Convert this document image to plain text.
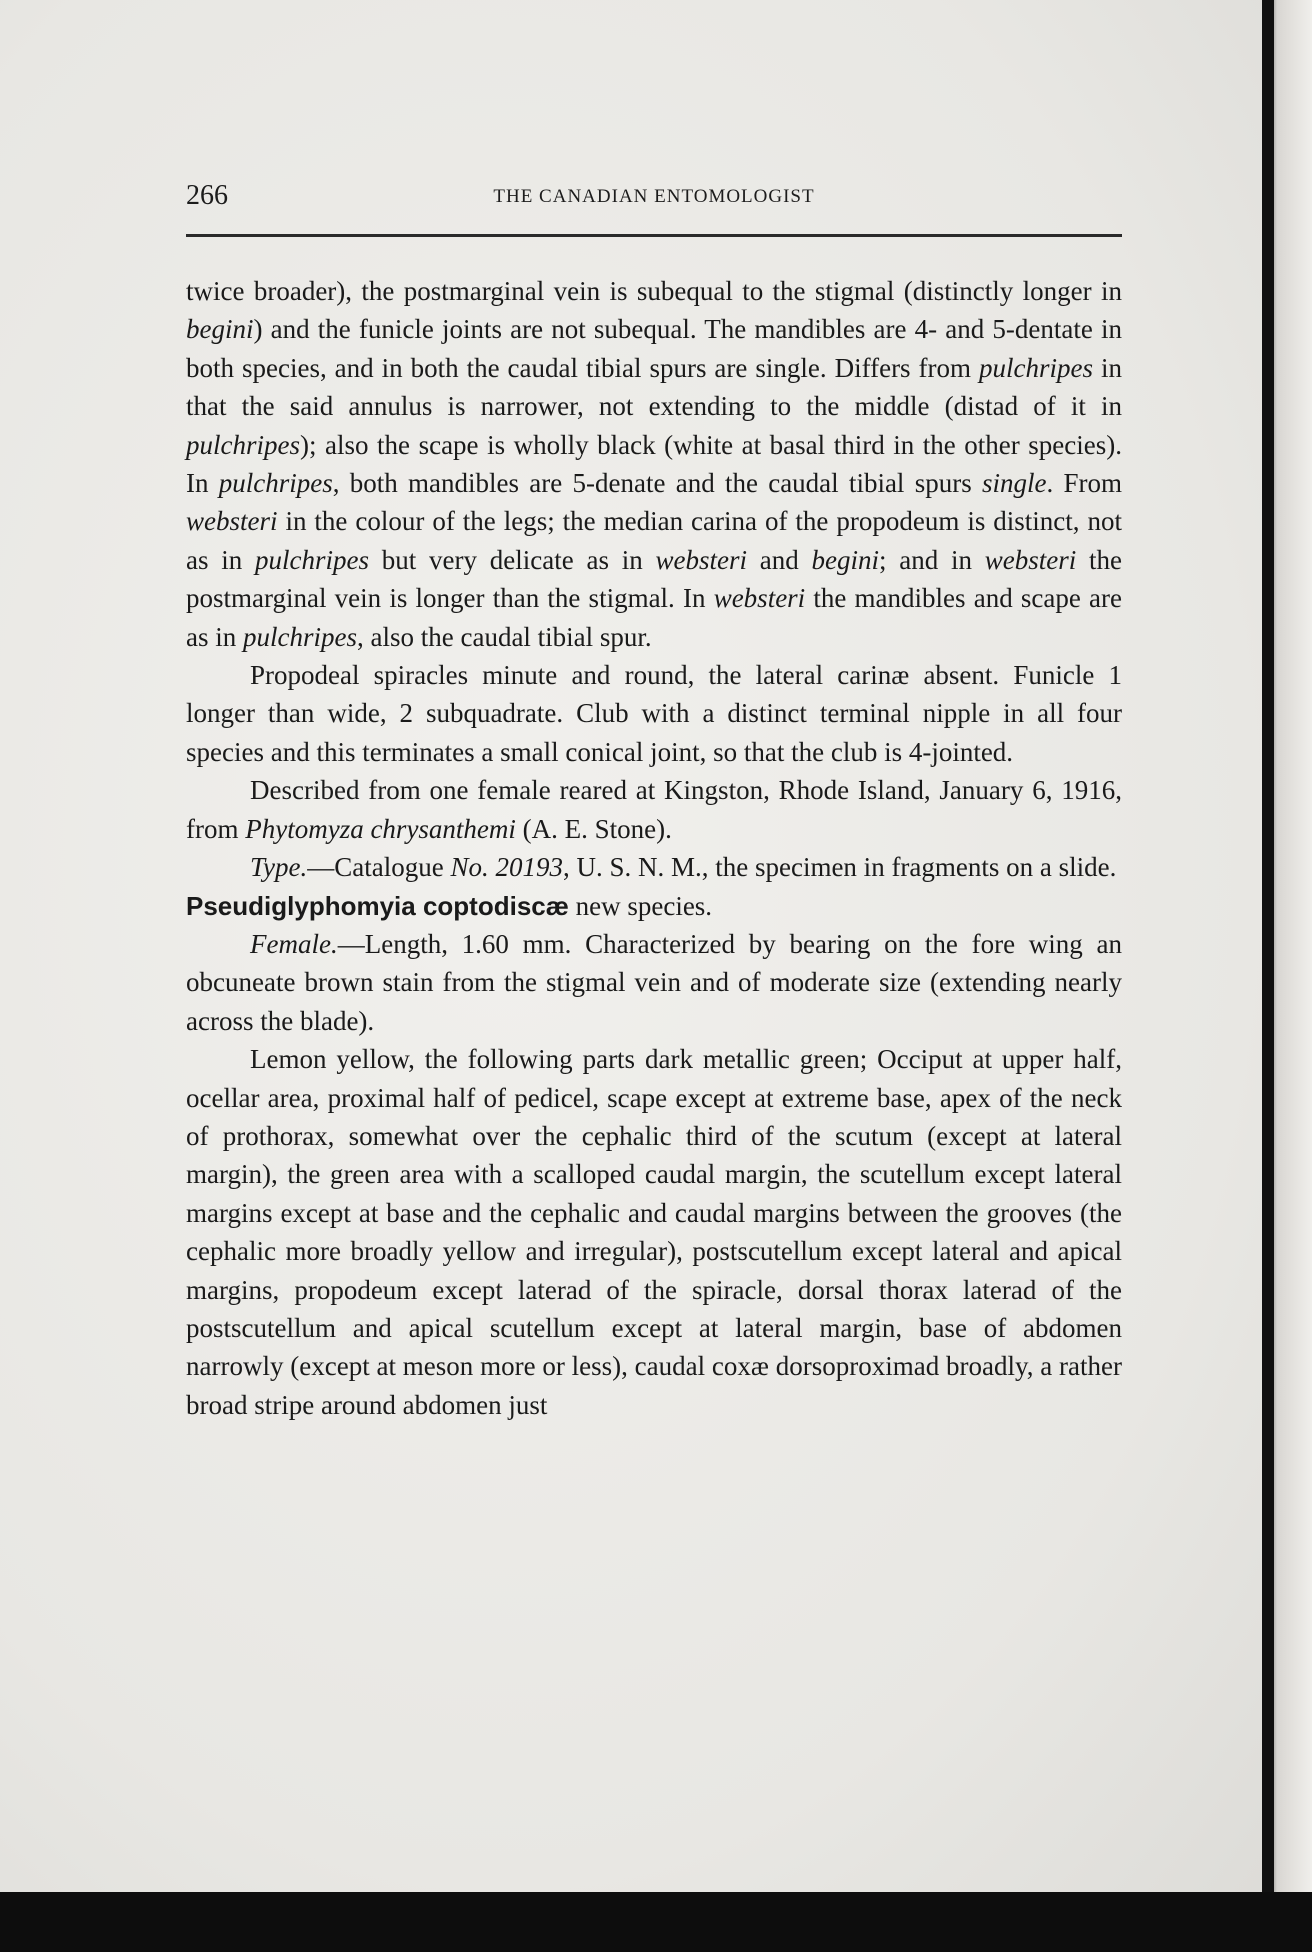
266	THE CANADIAN ENTOMOLOGIST

twice broader), the postmarginal vein is subequal to the stigmal (distinctly longer in begini) and the funicle joints are not subequal. The mandibles are 4- and 5-dentate in both species, and in both the caudal tibial spurs are single. Differs from pulchripes in that the said annulus is narrower, not extending to the middle (distad of it in pulchripes); also the scape is wholly black (white at basal third in the other species). In pulchripes, both mandibles are 5-denate and the caudal tibial spurs single. From websteri in the colour of the legs; the median carina of the propodeum is distinct, not as in pulchripes but very delicate as in websteri and begini; and in websteri the postmarginal vein is longer than the stigmal. In websteri the mandibles and scape are as in pulchripes, also the caudal tibial spur.

Propodeal spiracles minute and round, the lateral carinæ absent. Funicle 1 longer than wide, 2 subquadrate. Club with a distinct terminal nipple in all four species and this terminates a small conical joint, so that the club is 4-jointed.

Described from one female reared at Kingston, Rhode Island, January 6, 1916, from Phytomyza chrysanthemi (A. E. Stone).

Type.—Catalogue No. 20193, U. S. N. M., the specimen in fragments on a slide.

Pseudiglyphomyia coptodiscæ new species.

Female.—Length, 1.60 mm. Characterized by bearing on the fore wing an obcuneate brown stain from the stigmal vein and of moderate size (extending nearly across the blade).

Lemon yellow, the following parts dark metallic green; Occiput at upper half, ocellar area, proximal half of pedicel, scape except at extreme base, apex of the neck of prothorax, somewhat over the cephalic third of the scutum (except at lateral margin), the green area with a scalloped caudal margin, the scutellum except lateral margins except at base and the cephalic and caudal margins between the grooves (the cephalic more broadly yellow and irregular), postscutellum except lateral and apical margins, propodeum except laterad of the spiracle, dorsal thorax laterad of the postscutellum and apical scutellum except at lateral margin, base of abdomen narrowly (except at meson more or less), caudal coxæ dorsoproximad broadly, a rather broad stripe around abdomen just
